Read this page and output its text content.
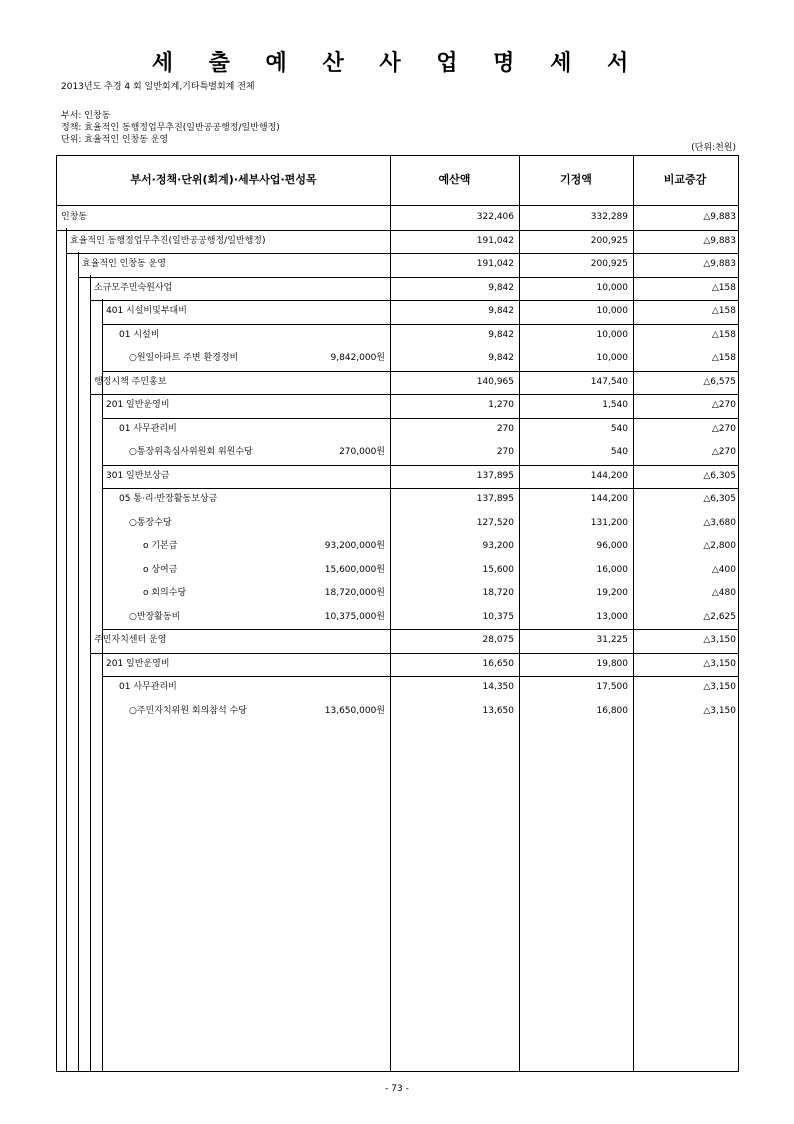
세 출 예 산 사 업 명 세 서
2013년도 추경 4 회 일반회계,기타특별회계 전체
부서: 인창동
정책: 효율적인 동행정업무추진(일반공공행정/일반행정)
단위: 효율적인 인창동 운영
(단위:천원)
부서·정책·단위(회계)·세부사업·편성목	예산액	기정액	비교증감
인창동	322,406	332,289	△9,883
효율적인 동행정업무추진(일반공공행정/일반행정)	191,042	200,925	△9,883
효율적인 인창동 운영	191,042	200,925	△9,883
소규모주민숙원사업	9,842	10,000	△158
401 시설비및부대비	9,842	10,000	△158
01 시설비	9,842	10,000	△158
○원일아파트 주변 환경정비	9,842,000원	9,842	10,000	△158
행정시책 주민홍보	140,965	147,540	△6,575
201 일반운영비	1,270	1,540	△270
01 사무관리비	270	540	△270
○통장위촉심사위원회 위원수당	270,000원	270	540	△270
301 일반보상금	137,895	144,200	△6,305
05 통·리·반장활동보상금	137,895	144,200	△6,305
○통장수당	127,520	131,200	△3,680
o 기본급	93,200,000원	93,200	96,000	△2,800
o 상여금	15,600,000원	15,600	16,000	△400
o 회의수당	18,720,000원	18,720	19,200	△480
○반장활동비	10,375,000원	10,375	13,000	△2,625
주민자치센터 운영	28,075	31,225	△3,150
201 일반운영비	16,650	19,800	△3,150
01 사무관리비	14,350	17,500	△3,150
○주민자치위원 회의참석 수당	13,650,000원	13,650	16,800	△3,150
- 73 -
